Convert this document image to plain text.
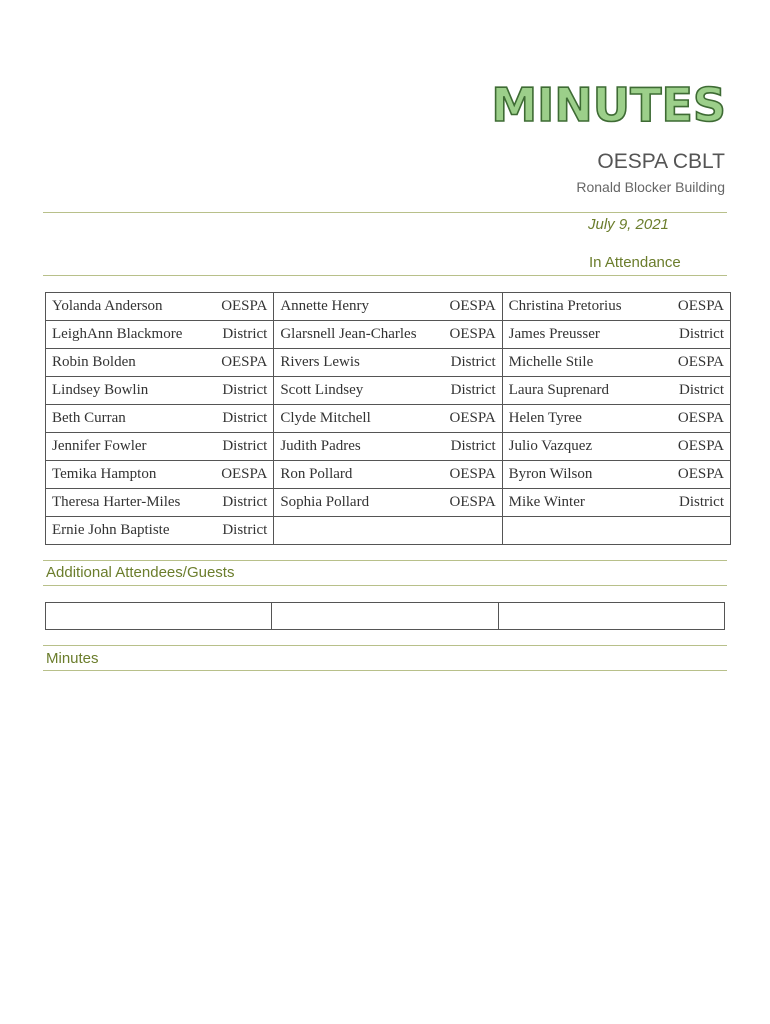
MINUTES
OESPA CBLT
Ronald Blocker Building
July 9, 2021
In Attendance
Yolanda Anderson OESPA	Annette Henry OESPA	Christina Pretorius OESPA

LeighAnn Blackmore District	Glarsnell Jean-Charles OESPA	James Preusser District

Robin Bolden OESPA	Rivers Lewis District	Michelle Stile OESPA

Lindsey Bowlin District	Scott Lindsey District	Laura Suprenard District

Beth Curran District	Clyde Mitchell OESPA	Helen Tyree OESPA

Jennifer Fowler District	Judith Padres District	Julio Vazquez OESPA

Temika Hampton OESPA	Ron Pollard OESPA	Byron Wilson OESPA

Theresa Harter-Miles District	Sophia Pollard OESPA	Mike Winter District

Ernie John Baptiste District		

Additional Attendees/Guests

Minutes
